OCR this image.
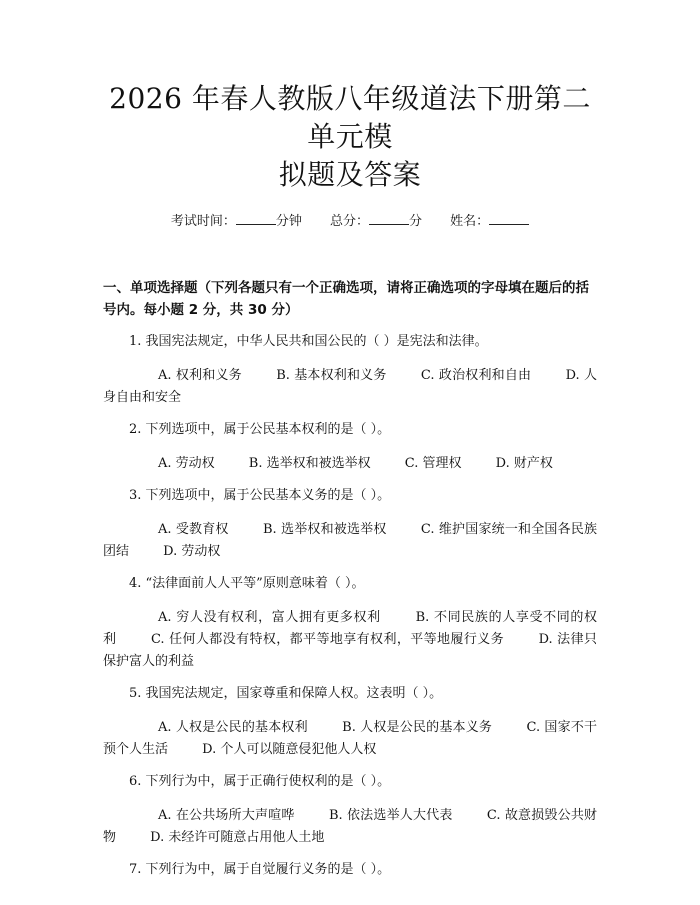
2026 年春人教版八年级道法下册第二单元模
拟题及答案
考试时间：	分钟 总分：	分 姓名：
一、单项选择题（下列各题只有一个正确选项，请将正确选项的字母填在题后的括号内。每小题 2 分，共 30 分）
1. 我国宪法规定，中华人民共和国公民的（ ）是宪法和法律。
A. 权利和义务	B. 基本权利和义务	C. 政治权利和自由	D. 人身自由和安全
2. 下列选项中，属于公民基本权利的是（ ）。
A. 劳动权	B. 选举权和被选举权	C. 管理权	D. 财产权
3. 下列选项中，属于公民基本义务的是（ ）。
A. 受教育权	B. 选举权和被选举权	C. 维护国家统一和全国各民族团结	D. 劳动权
4. “法律面前人人平等”原则意味着（ ）。
A. 穷人没有权利，富人拥有更多权利	B. 不同民族的人享受不同的权利	C. 任何人都没有特权，都平等地享有权利，平等地履行义务	D. 法律只保护富人的利益
5. 我国宪法规定，国家尊重和保障人权。这表明（ ）。
A. 人权是公民的基本权利	B. 人权是公民的基本义务	C. 国家不干预个人生活	D. 个人可以随意侵犯他人人权
6. 下列行为中，属于正确行使权利的是（ ）。
A. 在公共场所大声喧哗	B. 依法选举人大代表	C. 故意损毁公共财物	D. 未经许可随意占用他人土地
7. 下列行为中，属于自觉履行义务的是（ ）。
